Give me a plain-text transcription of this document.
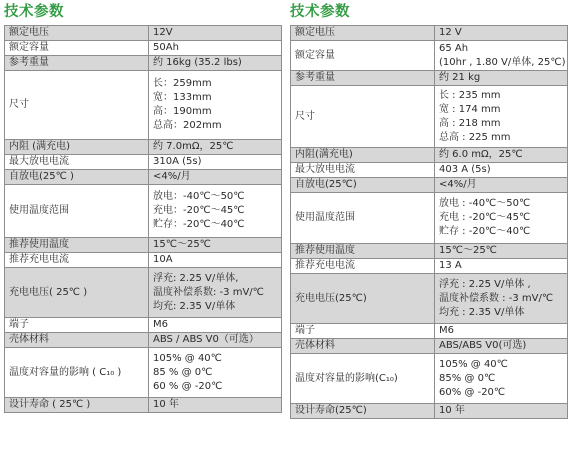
技术参数
额定电压	12V

额定容量	50Ah

参考重量	约 16kg (35.2 lbs)

尺寸	长：259mm
宽：133mm
高：190mm
总高：202mm

内阻 (满充电)	约 7.0mΩ，25℃

最大放电电流	310A (5s)

自放电(25℃ )	<4%/月

使用温度范围	放电：-40℃～50℃
充电：-20℃～45℃
贮存：-20℃～40℃

推荐使用温度	15℃～25℃

推荐充电电流	10A

充电电压( 25℃ )	浮充: 2.25 V/单体,
温度补偿系数: -3 mV/℃
均充: 2.35 V/单体

端子	M6

壳体材料	ABS / ABS V0（可选）

温度对容量的影响 ( C₁₀ )	105% @ 40℃
85 % @ 0℃
60 % @ -20℃

设计寿命 ( 25℃ )	10 年
技术参数
额定电压	12 V

额定容量	65 Ah
(10hr , 1.80 V/单体, 25℃)

参考重量	约 21 kg

尺寸	长 : 235 mm
宽 : 174 mm
高 : 218 mm
总高 : 225 mm

内阻(满充电)	约 6.0 mΩ，25℃

最大放电电流	403 A (5s)

自放电(25℃)	<4%/月

使用温度范围	放电 : -40℃～50℃
充电 : -20℃～45℃
贮存 : -20℃～40℃

推荐使用温度	15℃～25℃

推荐充电电流	13 A

充电电压(25℃)	浮充 : 2.25 V/单体 ,
温度补偿系数 : -3 mV/℃
均充 : 2.35 V/单体

端子	M6

壳体材料	ABS/ABS V0(可选)

温度对容量的影响(C₁₀)	105% @ 40℃
85% @ 0℃
60% @ -20℃

设计寿命(25℃)	10 年
